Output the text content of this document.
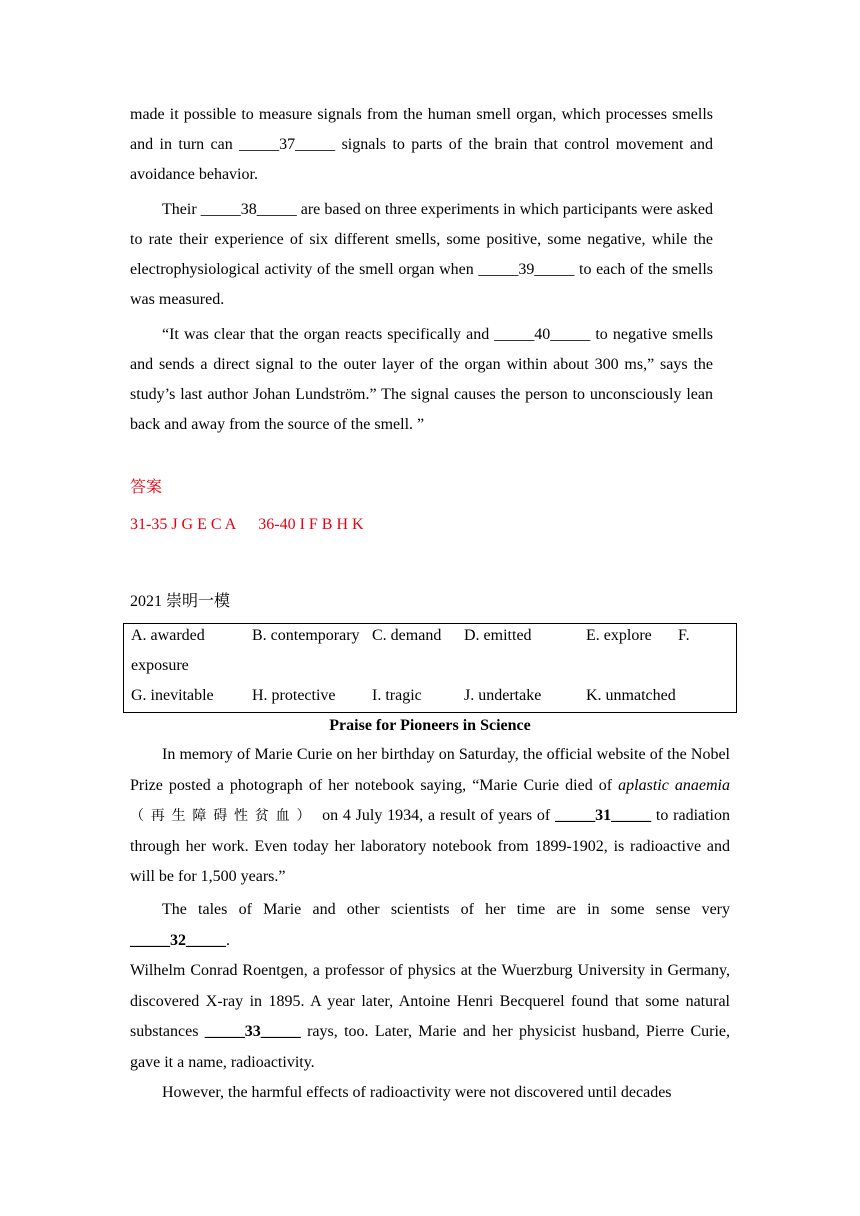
made it possible to measure signals from the human smell organ, which processes smells and in turn can _____37_____ signals to parts of the brain that control movement and avoidance behavior.

Their _____38_____ are based on three experiments in which participants were asked to rate their experience of six different smells, some positive, some negative, while the electrophysiological activity of the smell organ when _____39_____ to each of the smells was measured.

“It was clear that the organ reacts specifically and _____40_____ to negative smells and sends a direct signal to the outer layer of the organ within about 300 ms,” says the study’s last author Johan Lundström.” The signal causes the person to unconsciously lean back and away from the source of the smell. ”

答案

31-35 J G E C A 36-40 I F B H K

2021 崇明一模

A. awarded	B. contemporary C. demand D. emitted	E. explore F.
exposure
G. inevitable H. protective I. tragic	J. undertake	K. unmatched

Praise for Pioneers in Science

In memory of Marie Curie on her birthday on Saturday, the official website of the Nobel Prize posted a photograph of her notebook saying, “Marie Curie died of aplastic anaemia（再生障碍性贫血） on 4 July 1934, a result of years of _____31_____ to radiation through her work. Even today her laboratory notebook from 1899-1902, is radioactive and will be for 1,500 years.”

The tales of Marie and other scientists of her time are in some sense very _____32_____.

Wilhelm Conrad Roentgen, a professor of physics at the Wuerzburg University in Germany, discovered X-ray in 1895. A year later, Antoine Henri Becquerel found that some natural substances _____33_____ rays, too. Later, Marie and her physicist husband, Pierre Curie, gave it a name, radioactivity.

However, the harmful effects of radioactivity were not discovered until decades
